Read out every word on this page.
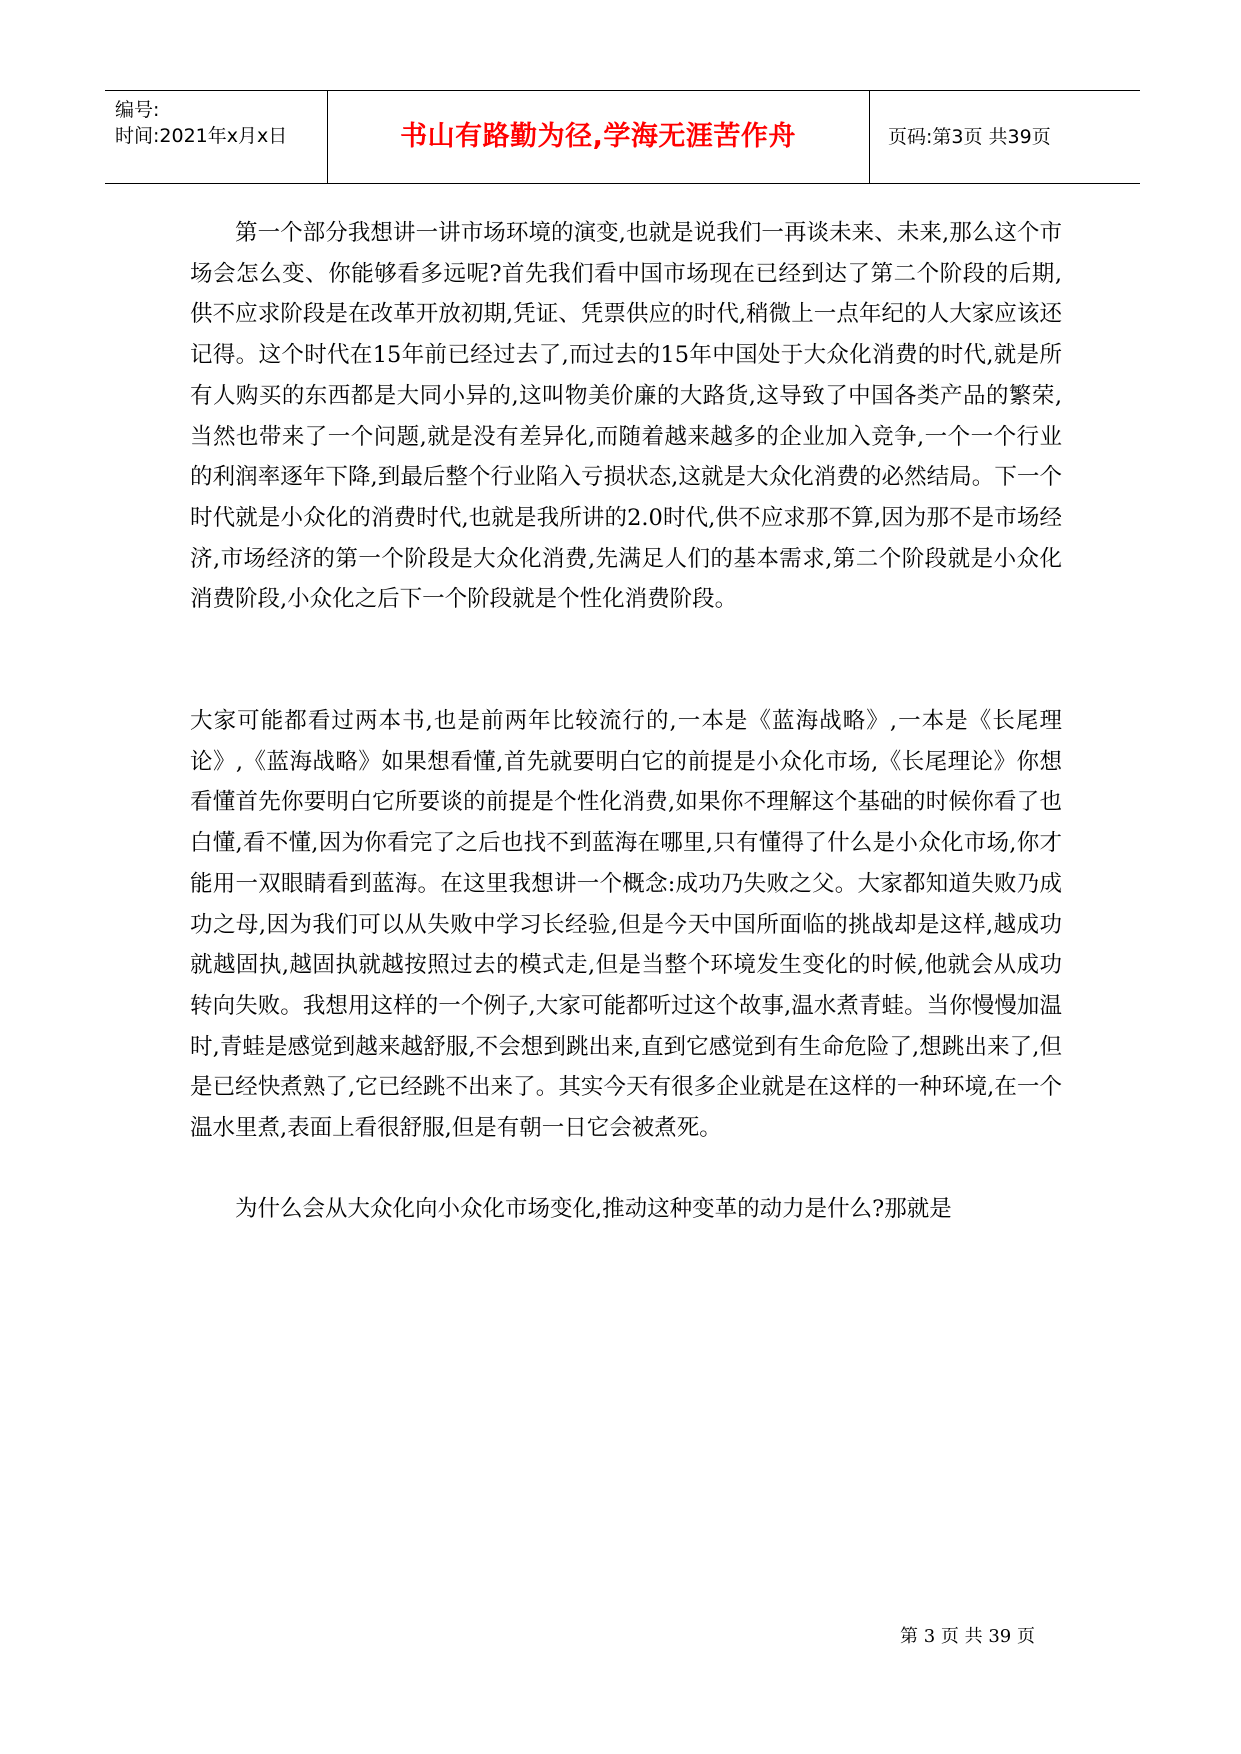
编号:
时间:2021年x月x日	书山有路勤为径,学海无涯苦作舟	页码:第3页 共39页

第一个部分我想讲一讲市场环境的演变,也就是说我们一再谈未来、未来,那么这个市场会怎么变、你能够看多远呢?首先我们看中国市场现在已经到达了第二个阶段的后期,供不应求阶段是在改革开放初期,凭证、凭票供应的时代,稍微上一点年纪的人大家应该还记得。这个时代在15年前已经过去了,而过去的15年中国处于大众化消费的时代,就是所有人购买的东西都是大同小异的,这叫物美价廉的大路货,这导致了中国各类产品的繁荣,当然也带来了一个问题,就是没有差异化,而随着越来越多的企业加入竞争,一个一个行业的利润率逐年下降,到最后整个行业陷入亏损状态,这就是大众化消费的必然结局。下一个时代就是小众化的消费时代,也就是我所讲的2.0时代,供不应求那不算,因为那不是市场经济,市场经济的第一个阶段是大众化消费,先满足人们的基本需求,第二个阶段就是小众化消费阶段,小众化之后下一个阶段就是个性化消费阶段。

大家可能都看过两本书,也是前两年比较流行的,一本是《蓝海战略》,一本是《长尾理论》,《蓝海战略》如果想看懂,首先就要明白它的前提是小众化市场,《长尾理论》你想看懂首先你要明白它所要谈的前提是个性化消费,如果你不理解这个基础的时候你看了也白懂,看不懂,因为你看完了之后也找不到蓝海在哪里,只有懂得了什么是小众化市场,你才能用一双眼睛看到蓝海。在这里我想讲一个概念:成功乃失败之父。大家都知道失败乃成功之母,因为我们可以从失败中学习长经验,但是今天中国所面临的挑战却是这样,越成功就越固执,越固执就越按照过去的模式走,但是当整个环境发生变化的时候,他就会从成功转向失败。我想用这样的一个例子,大家可能都听过这个故事,温水煮青蛙。当你慢慢加温时,青蛙是感觉到越来越舒服,不会想到跳出来,直到它感觉到有生命危险了,想跳出来了,但是已经快煮熟了,它已经跳不出来了。其实今天有很多企业就是在这样的一种环境,在一个温水里煮,表面上看很舒服,但是有朝一日它会被煮死。

为什么会从大众化向小众化市场变化,推动这种变革的动力是什么?那就是

第 3 页 共 39 页
